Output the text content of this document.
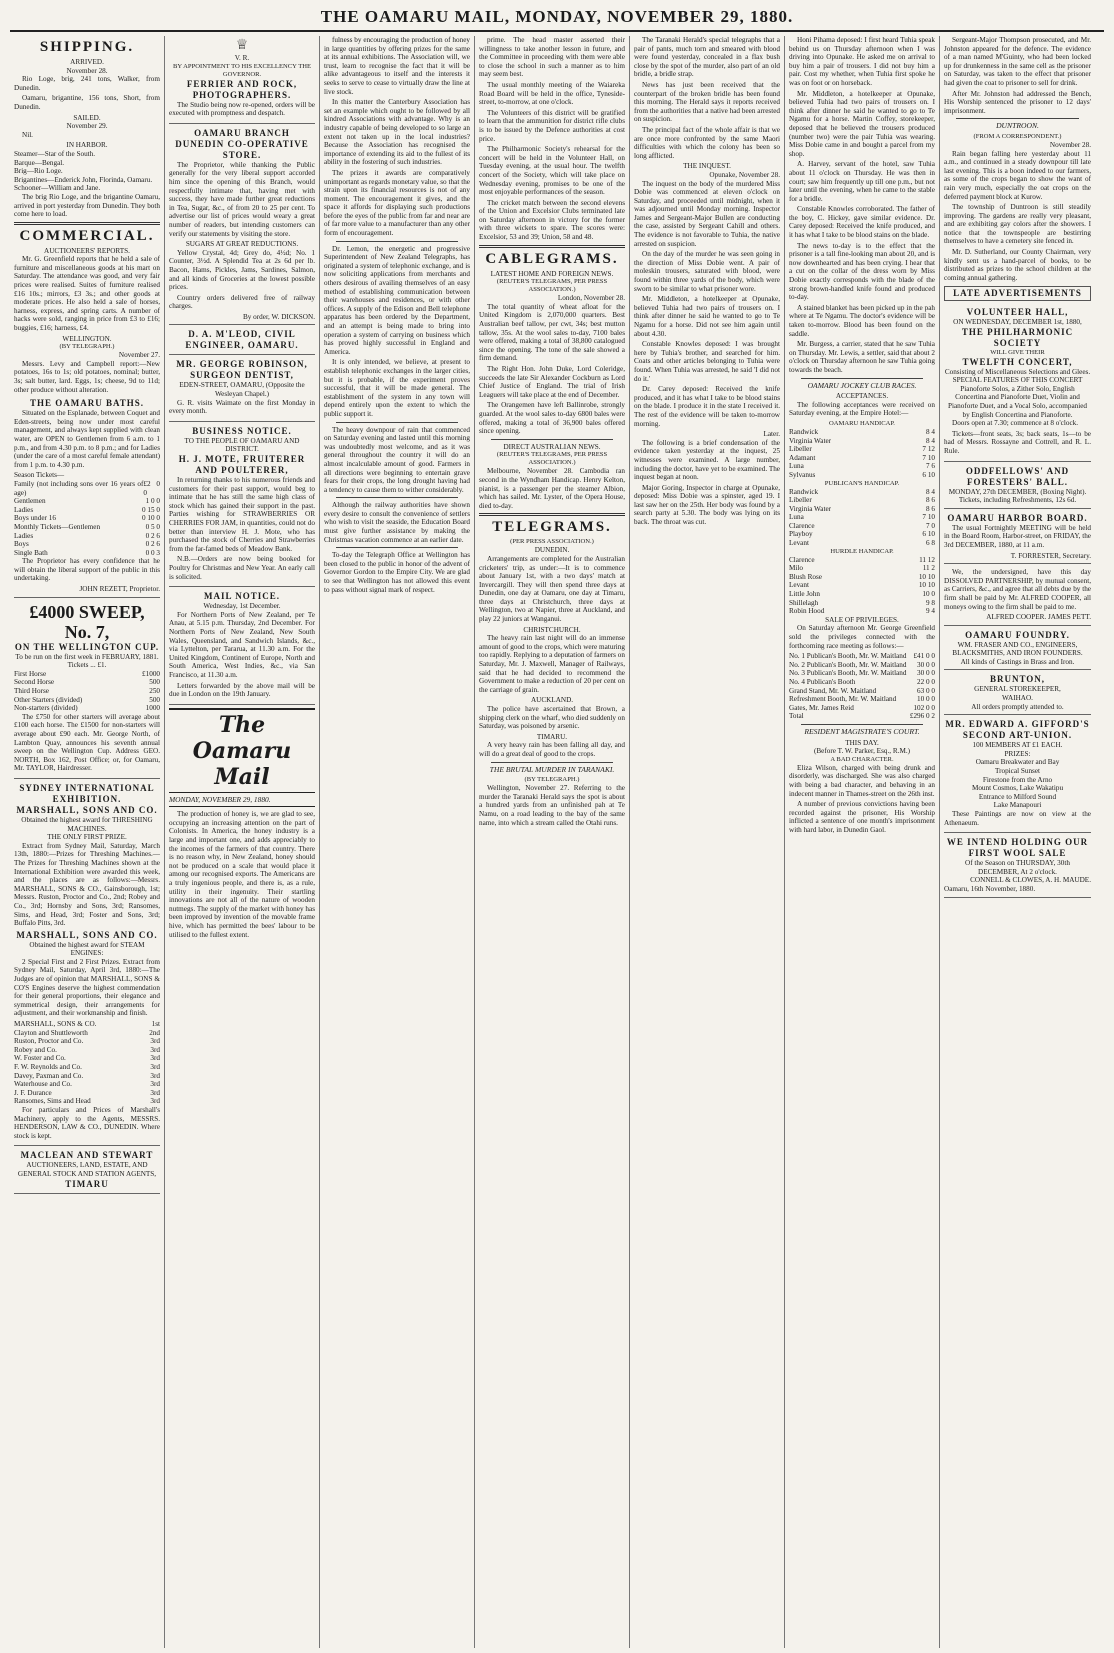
THE OAMARU MAIL, MONDAY, NOVEMBER 29, 1880.
SHIPPING.
ARRIVED.
November 28.

Rio Loge, brig, 241 tons, Walker, from Dunedin.

Oamaru, brigantine, 156 tons, Short, from Dunedin.

SAILED.
November 29.

Nil.

IN HARBOR.
Steamer—Star of the South.
Barque—Bengal.
Brig—Rio Loge.
Brigantines—Enderick John, Florinda, Oamaru.
Schooner—William and Jane.

The brig Rio Loge, and the brigantine Oamaru, arrived in port yesterday from Dunedin. They both come here to load.

COMMERCIAL.
AUCTIONEERS' REPORTS.

Mr. G. Greenfield reports that he held a sale of furniture and miscellaneous goods at his mart on Saturday. The attendance was good, and very fair prices were realised. Suites of furniture realised £16 10s.; mirrors, £3 3s.; and other goods at moderate prices. He also held a sale of horses, harness, express, and spring carts. A number of hacks were sold, ranging in price from £3 to £16; buggies, £16; harness, £4.

WELLINGTON.
(BY TELEGRAPH.)
November 27.

Messrs. Levy and Campbell report:—New potatoes, 16s to 1s; old potatoes, nominal; butter, 3s; salt butter, lard. Eggs, 1s; cheese, 9d to 11d; other produce without alteration.

THE OAMARU BATHS.

Situated on the Esplanade, between Coquet and Eden-streets, being now under most careful management, and always kept supplied with clean water, are OPEN to Gentlemen from 6 a.m. to 1 p.m., and from 4.30 p.m. to 8 p.m.; and for Ladies (under the care of a most careful female attendant) from 1 p.m. to 4.30 p.m.

Season Tickets—
Family (not including sons over 16 years of age)
£2 0 0
Gentlemen	1 0 0
Ladies	0 15 0
Boys under 16	0 10 0
Monthly Tickets—Gentlemen	0 5 0
Ladies	0 2 6
Boys	0 2 6
Single Bath	0 0 3

The Proprietor has every confidence that he will obtain the liberal support of the public in this undertaking.

JOHN REZETT, Proprietor.
£4000 SWEEP, No. 7,
ON THE WELLINGTON CUP.
To be run on the first week in FEBRUARY, 1881.
Tickets ... £1.
First Horse	£1000
Second Horse	500
Third Horse	250
Other Starters (divided)	500
Non-starters (divided)	1000

The £750 for other starters will average about £100 each horse. The £1500 for non-starters will average about £90 each. Mr. George North, of Lambton Quay, announces his seventh annual sweep on the Wellington Cup. Address GEO. NORTH, Box 162, Post Office; or, for Oamaru, Mr. TAYLOR, Hairdresser.

SYDNEY INTERNATIONAL EXHIBITION.
MARSHALL, SONS AND CO.
Obtained the highest award for THRESHING MACHINES.
THE ONLY FIRST PRIZE.

Extract from Sydney Mail, Saturday, March 13th, 1880:—Prizes for Threshing Machines.—The Prizes for Threshing Machines shown at the International Exhibition were awarded this week, and the places are as follows:—Messrs. MARSHALL, SONS & CO., Gainsborough, 1st; Messrs. Ruston, Proctor and Co., 2nd; Robey and Co., 3rd; Hornsby and Sons, 3rd; Ransomes, Sims, and Head, 3rd; Foster and Sons, 3rd; Buffalo Pitts, 3rd.

MARSHALL, SONS AND CO.
Obtained the highest award for STEAM ENGINES:

2 Special First and 2 First Prizes. Extract from Sydney Mail, Saturday, April 3rd, 1880:—The Judges are of opinion that MARSHALL, SONS & CO'S Engines deserve the highest commendation for their general proportions, their elegance and symmetrical design, their arrangements for adjustment, and their workmanship and finish.

MARSHALL, SONS & CO.	1st
Clayton and Shuttleworth	2nd
Ruston, Proctor and Co.	3rd
Robey and Co.	3rd
W. Foster and Co.	3rd
F. W. Reynolds and Co.	3rd
Davey, Paxman and Co.	3rd
Waterhouse and Co.	3rd
J. F. Durance	3rd
Ransomes, Sims and Head	3rd

For particulars and Prices of Marshall's Machinery, apply to the Agents, MESSRS. HENDERSON, LAW & CO., DUNEDIN. Where stock is kept.

MACLEAN AND STEWART
AUCTIONEERS, LAND, ESTATE, AND GENERAL STOCK AND STATION AGENTS,
TIMARU
♕
V. R.
BY APPOINTMENT TO HIS EXCELLENCY THE GOVERNOR.
FERRIER AND ROCK, PHOTOGRAPHERS.

The Studio being now re-opened, orders will be executed with promptness and despatch.

OAMARU BRANCH DUNEDIN CO-OPERATIVE STORE.

The Proprietor, while thanking the Public generally for the very liberal support accorded him since the opening of this Branch, would respectfully intimate that, having met with success, they have made further great reductions in Tea, Sugar, &c., of from 20 to 25 per cent. To advertise our list of prices would weary a great number of readers, but intending customers can verify our statements by visiting the store.

SUGARS AT GREAT REDUCTIONS.

Yellow Crystal, 4d; Grey do, 4½d; No. 1 Counter, 3½d. A Splendid Tea at 2s 6d per lb. Bacon, Hams, Pickles, Jams, Sardines, Salmon, and all kinds of Groceries at the lowest possible prices.

Country orders delivered free of railway charges.

By order, W. DICKSON.
D. A. M'LEOD, CIVIL ENGINEER, OAMARU.
MR. GEORGE ROBINSON, SURGEON DENTIST,
EDEN-STREET, OAMARU, (Opposite the Wesleyan Chapel.)

G. R. visits Waimate on the first Monday in every month.

BUSINESS NOTICE.
TO THE PEOPLE OF OAMARU AND DISTRICT.
H. J. MOTE, FRUITERER AND POULTERER,

In returning thanks to his numerous friends and customers for their past support, would beg to intimate that he has still the same high class of stock which has gained their support in the past. Parties wishing for STRAWBERRIES OR CHERRIES FOR JAM, in quantities, could not do better than interview H. J. Mote, who has purchased the stock of Cherries and Strawberries from the far-famed beds of Meadow Bank.

N.B.—Orders are now being booked for Poultry for Christmas and New Year. An early call is solicited.

MAIL NOTICE.
Wednesday, 1st December.

For Northern Ports of New Zealand, per Te Anau, at 5.15 p.m. Thursday, 2nd December. For Northern Ports of New Zealand, New South Wales, Queensland, and Sandwich Islands, &c., via Lyttelton, per Tararua, at 11.30 a.m. For the United Kingdom, Continent of Europe, North and South America, West Indies, &c., via San Francisco, at 11.30 a.m.

Letters forwarded by the above mail will be due in London on the 19th January.

The Oamaru Mail
MONDAY, NOVEMBER 29, 1880.

The production of honey is, we are glad to see, occupying an increasing attention on the part of Colonists. In America, the honey industry is a large and important one, and adds appreciably to the incomes of the farmers of that country. There is no reason why, in New Zealand, honey should not be produced on a scale that would place it among our recognised exports. The Americans are a truly ingenious people, and there is, as a rule, utility in their ingenuity. Their startling innovations are not all of the nature of wooden nutmegs. The supply of the market with honey has been improved by invention of the movable frame hive, which has permitted the bees' labour to be utilised to the fullest extent.

fulness by encouraging the production of honey in large quantities by offering prizes for the same at its annual exhibitions. The Association will, we trust, learn to recognise the fact that it will be alike advantageous to itself and the interests it seeks to serve to cease to virtually draw the line at live stock.

In this matter the Canterbury Association has set an example which ought to be followed by all kindred Associations with advantage. Why is an industry capable of being developed to so large an extent not taken up in the local industries? Because the Association has recognised the importance of extending its aid to the fullest of its ability in the fostering of such industries.

The prizes it awards are comparatively unimportant as regards monetary value, so that the strain upon its financial resources is not of any moment. The encouragement it gives, and the space it affords for displaying such productions before the eyes of the public from far and near are of far more value to a manufacturer than any other form of encouragement.

Dr. Lemon, the energetic and progressive Superintendent of New Zealand Telegraphs, has originated a system of telephonic exchange, and is now soliciting applications from merchants and others desirous of availing themselves of an easy method of establishing communication between their warehouses and residences, or with other offices. A supply of the Edison and Bell telephone apparatus has been ordered by the Department, and an attempt is being made to bring into operation a system of carrying on business which has proved highly successful in England and America.

It is only intended, we believe, at present to establish telephonic exchanges in the larger cities, but it is probable, if the experiment proves successful, that it will be made general. The establishment of the system in any town will depend entirely upon the extent to which the public support it.

The heavy downpour of rain that commenced on Saturday evening and lasted until this morning was undoubtedly most welcome, and as it was general throughout the country it will do an almost incalculable amount of good. Farmers in all directions were beginning to entertain grave fears for their crops, the long drought having had a tendency to cause them to wither considerably.

Although the railway authorities have shown every desire to consult the convenience of settlers who wish to visit the seaside, the Education Board must give further assistance by making the Christmas vacation commence at an earlier date.

To-day the Telegraph Office at Wellington has been closed to the public in honor of the advent of Governor Gordon to the Empire City. We are glad to see that Wellington has not allowed this event to pass without signal mark of respect.

prime. The head master asserted their willingness to take another lesson in future, and the Committee in proceeding with them were able to close the school in such a manner as to him may seem best.

The usual monthly meeting of the Waiareka Road Board will be held in the office, Tyneside-street, to-morrow, at one o'clock.

The Volunteers of this district will be gratified to learn that the ammunition for district rifle clubs is to be issued by the Defence authorities at cost price.

The Philharmonic Society's rehearsal for the concert will be held in the Volunteer Hall, on Tuesday evening, at the usual hour. The twelfth concert of the Society, which will take place on Wednesday evening, promises to be one of the most enjoyable performances of the season.

The cricket match between the second elevens of the Union and Excelsior Clubs terminated late on Saturday afternoon in victory for the former with three wickets to spare. The scores were: Excelsior, 53 and 39; Union, 58 and 48.

CABLEGRAMS.
LATEST HOME AND FOREIGN NEWS.
(REUTER'S TELEGRAMS, PER PRESS ASSOCIATION.)
London, November 28.

The total quantity of wheat afloat for the United Kingdom is 2,070,000 quarters. Best Australian beef tallow, per cwt, 34s; best mutton tallow, 35s. At the wool sales to-day, 7100 bales were offered, making a total of 38,800 catalogued since the opening. The tone of the sale showed a firm demand.

The Right Hon. John Duke, Lord Coleridge, succeeds the late Sir Alexander Cockburn as Lord Chief Justice of England. The trial of Irish Leaguers will take place at the end of December.

The Orangemen have left Ballinrobe, strongly guarded. At the wool sales to-day 6800 bales were offered, making a total of 36,900 bales offered since opening.

DIRECT AUSTRALIAN NEWS.
(REUTER'S TELEGRAMS, PER PRESS ASSOCIATION.)

Melbourne, November 28. Cambodia ran second in the Wyndham Handicap. Henry Kelton, pianist, is a passenger per the steamer Albion, which has sailed. Mr. Lyster, of the Opera House, died to-day.

TELEGRAMS.
(PER PRESS ASSOCIATION.)
DUNEDIN.

Arrangements are completed for the Australian cricketers' trip, as under:—It is to commence about January 1st, with a two days' match at Invercargill. They will then spend three days at Dunedin, one day at Oamaru, one day at Timaru, three days at Christchurch, three days at Wellington, two at Napier, three at Auckland, and play 22 juniors at Wanganui.

CHRISTCHURCH.

The heavy rain last night will do an immense amount of good to the crops, which were maturing too rapidly. Replying to a deputation of farmers on Saturday, Mr. J. Maxwell, Manager of Railways, said that he had decided to recommend the Government to make a reduction of 20 per cent on the carriage of grain.

AUCKLAND.

The police have ascertained that Brown, a shipping clerk on the wharf, who died suddenly on Saturday, was poisoned by arsenic.

TIMARU.

A very heavy rain has been falling all day, and will do a great deal of good to the crops.

THE BRUTAL MURDER IN TARANAKI.
(BY TELEGRAPH.)

Wellington, November 27. Referring to the murder the Taranaki Herald says the spot is about a hundred yards from an unfinished pah at Te Namu, on a road leading to the bay of the same name, into which a stream called the Otahi runs.

The Taranaki Herald's special telegraphs that a pair of pants, much torn and smeared with blood were found yesterday, concealed in a flax bush close by the spot of the murder, also part of an old bridle, a bridle strap.

News has just been received that the counterpart of the broken bridle has been found this morning. The Herald says it reports received from the authorities that a native had been arrested on suspicion.

The principal fact of the whole affair is that we are once more confronted by the same Maori difficulties with which the colony has been so long afflicted.

THE INQUEST.
Opunake, November 28.

The inquest on the body of the murdered Miss Dobie was commenced at eleven o'clock on Saturday, and proceeded until midnight, when it was adjourned until Monday morning. Inspector James and Sergeant-Major Bullen are conducting the case, assisted by Sergeant Cahill and others. The evidence is not favorable to Tuhia, the native arrested on suspicion.

On the day of the murder he was seen going in the direction of Miss Dobie went. A pair of moleskin trousers, saturated with blood, were found within three yards of the body, which were sworn to be similar to what prisoner wore.

Mr. Middleton, a hotelkeeper at Opunake, believed Tuhia had two pairs of trousers on. I think after dinner he said he wanted to go to Te Ngamu for a horse. Did not see him again until about 4.30.

Constable Knowles deposed: I was brought here by Tuhia's brother, and searched for him. Coats and other articles belonging to Tuhia were found. When Tuhia was arrested, he said 'I did not do it.'

Dr. Carey deposed: Received the knife produced, and it has what I take to be blood stains on the blade. I produce it in the state I received it. The rest of the evidence will be taken to-morrow morning.

Later.

The following is a brief condensation of the evidence taken yesterday at the inquest, 25 witnesses were examined. A large number, including the doctor, have yet to be examined. The inquest began at noon.

Major Goring, Inspector in charge at Opunake, deposed: Miss Dobie was a spinster, aged 19. I last saw her on the 25th. Her body was found by a search party at 5.30. The body was lying on its back. The throat was cut.

Honi Pihama deposed: I first heard Tuhia speak behind us on Thursday afternoon when I was driving into Opunake. He asked me on arrival to buy him a pair of trousers. I did not buy him a pair. Cost my whether, when Tuhia first spoke he was on foot or on horseback.

Mr. Middleton, a hotelkeeper at Opunake, believed Tuhia had two pairs of trousers on. I think after dinner he said he wanted to go to Te Ngamu for a horse. Martin Coffey, storekeeper, deposed that he believed the trousers produced (number two) were the pair Tuhia was wearing. Miss Dobie came in and bought a parcel from my shop.

A. Harvey, servant of the hotel, saw Tuhia about 11 o'clock on Thursday. He was then in court; saw him frequently up till one p.m., but not later until the evening, when he came to the stable for a bridle.

Constable Knowles corroborated. The father of the boy, C. Hickey, gave similar evidence. Dr. Carey deposed: Received the knife produced, and it has what I take to be blood stains on the blade.

The news to-day is to the effect that the prisoner is a tall fine-looking man about 20, and is now downhearted and has been crying. I hear that a cut on the collar of the dress worn by Miss Dobie exactly corresponds with the blade of the strong brown-handled knife found and produced to-day.

A stained blanket has been picked up in the pah where at Te Ngamu. The doctor's evidence will be taken to-morrow. Blood has been found on the saddle.

Mr. Burgess, a carrier, stated that he saw Tuhia on Thursday. Mr. Lewis, a settler, said that about 2 o'clock on Thursday afternoon he saw Tuhia going towards the beach.

OAMARU JOCKEY CLUB RACES.
ACCEPTANCES.

The following acceptances were received on Saturday evening, at the Empire Hotel:—

OAMARU HANDICAP.
Randwick	8 4
Virginia Water	8 4
Libeller	7 12
Adamant	7 10
Luna	7 6
Sylvanus	6 10
PUBLICAN'S HANDICAP.
Randwick	8 4
Libeller	8 6
Virginia Water	8 6
Luna	7 10
Clarence	7 0
Playboy	6 10
Levant	6 8
HURDLE HANDICAP.
Clarence	11 12
Milo	11 2
Blush Rose	10 10
Levant	10 10
Little John	10 0
Shillelagh	9 8
Robin Hood	9 4
SALE OF PRIVILEGES.

On Saturday afternoon Mr. George Greenfield sold the privileges connected with the forthcoming race meeting as follows:—

No. 1 Publican's Booth, Mr. W. Maitland £41 0 0
No. 2 Publican's Booth, Mr. W. Maitland 30 0 0
No. 3 Publican's Booth, Mr. W. Maitland 30 0 0
No. 4 Publican's Booth	22 0 0
Grand Stand, Mr. W. Maitland	63 0 0
Refreshment Booth, Mr. W. Maitland	10 0 0
Gates, Mr. James Reid	102 0 0
Total	£296 0 2
RESIDENT MAGISTRATE'S COURT.
THIS DAY.
(Before T. W. Parker, Esq., R.M.)
A BAD CHARACTER.

Eliza Wilson, charged with being drunk and disorderly, was discharged. She was also charged with being a bad character, and behaving in an indecent manner in Thames-street on the 26th inst.

A number of previous convictions having been recorded against the prisoner, His Worship inflicted a sentence of one month's imprisonment with hard labor, in Dunedin Gaol.

Sergeant-Major Thompson prosecuted, and Mr. Johnston appeared for the defence. The evidence of a man named M'Guinty, who had been locked up for drunkenness in the same cell as the prisoner on Saturday, was taken to the effect that prisoner had given the coat to prisoner to sell for drink.

After Mr. Johnston had addressed the Bench, His Worship sentenced the prisoner to 12 days' imprisonment.

DUNTROON.
(FROM A CORRESPONDENT.)
November 28.

Rain began falling here yesterday about 11 a.m., and continued in a steady downpour till late last evening. This is a boon indeed to our farmers, as some of the crops began to show the want of rain very much, especially the oat crops on the deferred payment block at Kurow.

The township of Duntroon is still steadily improving. The gardens are really very pleasant, and are exhibiting gay colors after the showers. I notice that the townspeople are bestirring themselves to have a cemetery site fenced in.

Mr. D. Sutherland, our County Chairman, very kindly sent us a hand-parcel of books, to be distributed as prizes to the school children at the coming annual gathering.

LATE ADVERTISEMENTS
VOLUNTEER HALL,
ON WEDNESDAY, DECEMBER 1st, 1880,
THE PHILHARMONIC SOCIETY
WILL GIVE THEIR
TWELFTH CONCERT,
Consisting of Miscellaneous Selections and Glees.
SPECIAL FEATURES OF THIS CONCERT
Pianoforte Solos, a Zither Solo, English Concertina and Pianoforte Duet, Violin and Pianoforte Duet, and a Vocal Solo, accompanied by English Concertina and Pianoforte.

Doors open at 7.30; commence at 8 o'clock.

Tickets—front seats, 3s; back seats, 1s—to be had of Messrs. Rossayne and Cottrell, and R. L. Rule.

ODDFELLOWS' AND FORESTERS' BALL.
MONDAY, 27th DECEMBER, (Boxing Night).
Tickets, including Refreshments, 12s 6d.
OAMARU HARBOR BOARD.

The usual Fortnightly MEETING will be held in the Board Room, Harbor-street, on FRIDAY, the 3rd DECEMBER, 1880, at 11 a.m.

T. FORRESTER, Secretary.

We, the undersigned, have this day DISSOLVED PARTNERSHIP, by mutual consent, as Carriers, &c., and agree that all debts due by the firm shall be paid by Mr. ALFRED COOPER, all moneys owing to the firm shall be paid to me.

ALFRED COOPER. JAMES PETT.
OAMARU FOUNDRY.
WM. FRASER AND CO., ENGINEERS, BLACKSMITHS, AND IRON FOUNDERS.
All kinds of Castings in Brass and Iron.
BRUNTON,
GENERAL STOREKEEPER,
WAIHAO.
All orders promptly attended to.
MR. EDWARD A. GIFFORD'S SECOND ART-UNION.
100 MEMBERS AT £1 EACH.
PRIZES:
Oamaru Breakwater and Bay
Tropical Sunset
Firestone from the Arno
Mount Cosmos, Lake Wakatipu
Entrance to Milford Sound
Lake Manapouri

These Paintings are now on view at the Athenaeum.

WE INTEND HOLDING OUR FIRST WOOL SALE
Of the Season on THURSDAY, 30th DECEMBER, At 2 o'clock.
CONNELL & CLOWES, A. H. MAUDE.
Oamaru, 16th November, 1880.
